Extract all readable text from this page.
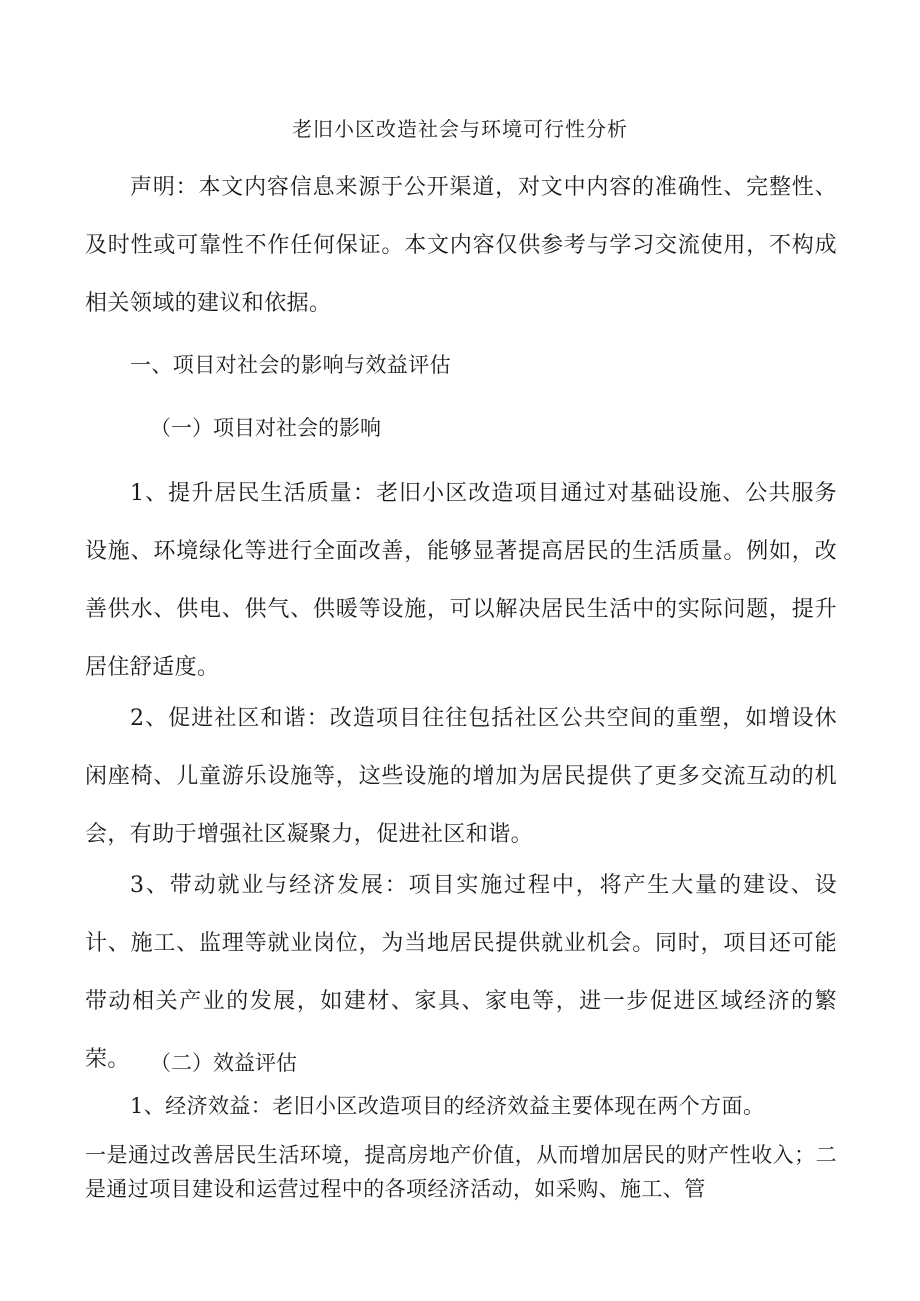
老旧小区改造社会与环境可行性分析
声明：本文内容信息来源于公开渠道，对文中内容的准确性、完整性、及时性或可靠性不作任何保证。本文内容仅供参考与学习交流使用，不构成相关领域的建议和依据。
一、项目对社会的影响与效益评估
（一）项目对社会的影响
1、提升居民生活质量：老旧小区改造项目通过对基础设施、公共服务设施、环境绿化等进行全面改善，能够显著提高居民的生活质量。例如，改善供水、供电、供气、供暖等设施，可以解决居民生活中的实际问题，提升居住舒适度。
2、促进社区和谐：改造项目往往包括社区公共空间的重塑，如增设休闲座椅、儿童游乐设施等，这些设施的增加为居民提供了更多交流互动的机会，有助于增强社区凝聚力，促进社区和谐。
3、带动就业与经济发展：项目实施过程中，将产生大量的建设、设计、施工、监理等就业岗位，为当地居民提供就业机会。同时，项目还可能带动相关产业的发展，如建材、家具、家电等，进一步促进区域经济的繁荣。 （二）效益评估
1、经济效益：老旧小区改造项目的经济效益主要体现在两个方面。
一是通过改善居民生活环境，提高房地产价值，从而增加居民的财产性收入；二是通过项目建设和运营过程中的各项经济活动，如采购、施工、管
